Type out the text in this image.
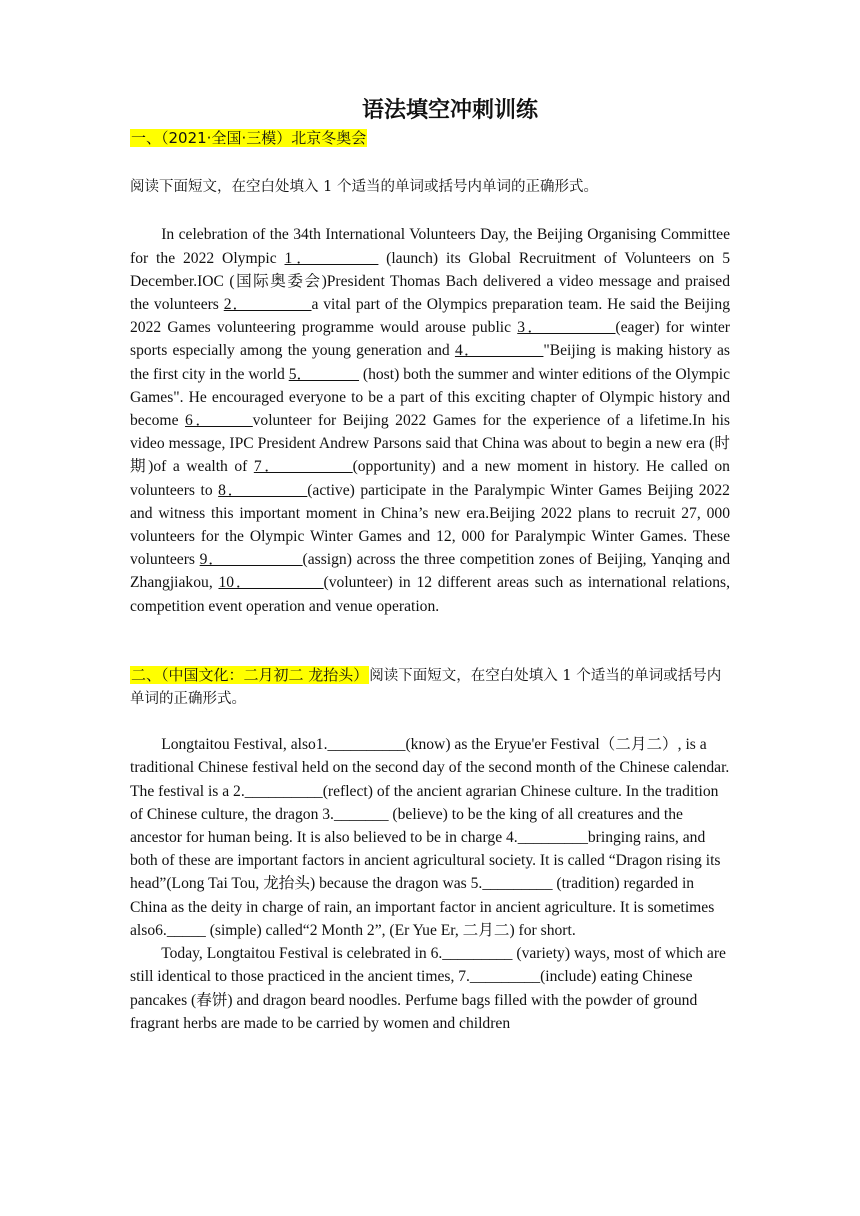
语法填空冲刺训练
一、（2021·全国·三模）北京冬奥会
阅读下面短文，在空白处填入 1 个适当的单词或括号内单词的正确形式。

In celebration of the 34th International Volunteers Day, the Beijing Organising Committee for the 2022 Olympic 1．________ (launch) its Global Recruitment of Volunteers on 5 December.IOC (国际奥委会)President Thomas Bach delivered a video message and praised the volunteers 2．________a vital part of the Olympics preparation team. He said the Beijing 2022 Games volunteering programme would arouse public 3．_________(eager) for winter sports especially among the young generation and 4．________"Beijing is making history as the first city in the world 5．______ (host) both the summer and winter editions of the Olympic Games". He encouraged everyone to be a part of this exciting chapter of Olympic history and become 6．_____volunteer for Beijing 2022 Games for the experience of a lifetime.In his video message, IPC President Andrew Parsons said that China was about to begin a new era (时期)of a wealth of 7．_________(opportunity) and a new moment in history. He called on volunteers to 8．________(active) participate in the Paralympic Winter Games Beijing 2022 and witness this important moment in China’s new era.Beijing 2022 plans to recruit 27, 000 volunteers for the Olympic Winter Games and 12, 000 for Paralympic Winter Games. These volunteers 9．__________(assign) across the three competition zones of Beijing, Yanqing and Zhangjiakou, 10．_________(volunteer) in 12 different areas such as international relations, competition event operation and venue operation.

二、（中国文化：二月初二 龙抬头）阅读下面短文，在空白处填入 1 个适当的单词或括号内单词的正确形式。

Longtaitou Festival, also1.__________(know) as the Eryue'er Festival（二月二）, is a traditional Chinese festival held on the second day of the second month of the Chinese calendar. The festival is a 2.__________(reflect) of the ancient agrarian Chinese culture. In the tradition of Chinese culture, the dragon 3._______ (believe) to be the king of all creatures and the ancestor for human being. It is also believed to be in charge 4._________bringing rains, and both of these are important factors in ancient agricultural society. It is called “Dragon rising its head”(Long Tai Tou, 龙抬头) because the dragon was 5._________ (tradition) regarded in China as the deity in charge of rain, an important factor in ancient agriculture. It is sometimes also6._____ (simple) called“2 Month 2”, (Er Yue Er, 二月二) for short.

Today, Longtaitou Festival is celebrated in 6._________ (variety) ways, most of which are still identical to those practiced in the ancient times, 7._________(include) eating Chinese pancakes (春饼) and dragon beard noodles. Perfume bags filled with the powder of ground fragrant herbs are made to be carried by women and children
